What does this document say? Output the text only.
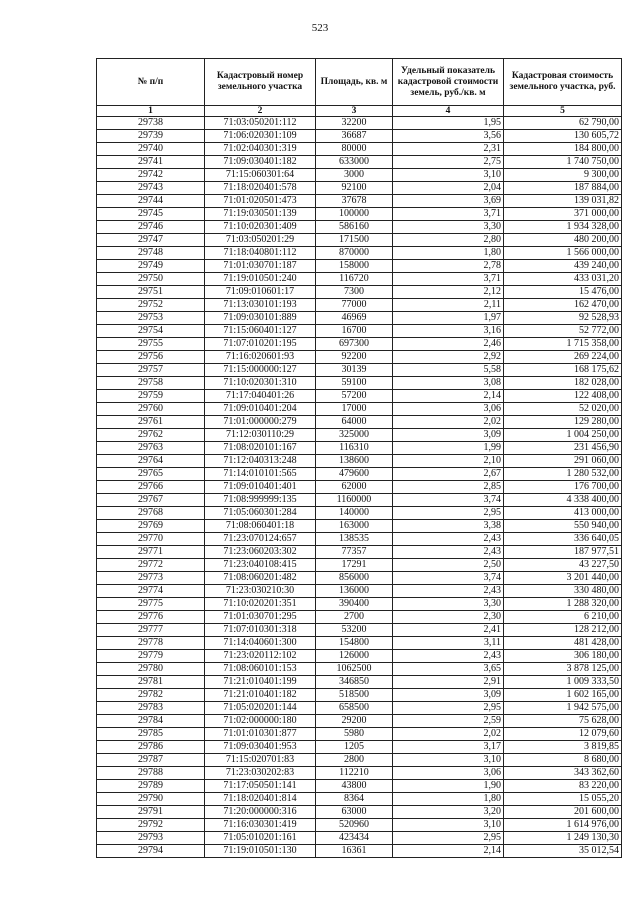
523
№ п/п	Кадастровый номер земельного участка	Площадь, кв. м	Удельный показатель кадастровой стоимости земель, руб./кв. м	Кадастровая стоимость земельного участка, руб.
1	2	3	4	5
29738	71:03:050201:112	32200	1,95	62 790,00
29739	71:06:020301:109	36687	3,56	130 605,72
29740	71:02:040301:319	80000	2,31	184 800,00
29741	71:09:030401:182	633000	2,75	1 740 750,00
29742	71:15:060301:64	3000	3,10	9 300,00
29743	71:18:020401:578	92100	2,04	187 884,00
29744	71:01:020501:473	37678	3,69	139 031,82
29745	71:19:030501:139	100000	3,71	371 000,00
29746	71:10:020301:409	586160	3,30	1 934 328,00
29747	71:03:050201:29	171500	2,80	480 200,00
29748	71:18:040801:112	870000	1,80	1 566 000,00
29749	71:01:030701:187	158000	2,78	439 240,00
29750	71:19:010501:240	116720	3,71	433 031,20
29751	71:09:010601:17	7300	2,12	15 476,00
29752	71:13:030101:193	77000	2,11	162 470,00
29753	71:09:030101:889	46969	1,97	92 528,93
29754	71:15:060401:127	16700	3,16	52 772,00
29755	71:07:010201:195	697300	2,46	1 715 358,00
29756	71:16:020601:93	92200	2,92	269 224,00
29757	71:15:000000:127	30139	5,58	168 175,62
29758	71:10:020301:310	59100	3,08	182 028,00
29759	71:17:040401:26	57200	2,14	122 408,00
29760	71:09:010401:204	17000	3,06	52 020,00
29761	71:01:000000:279	64000	2,02	129 280,00
29762	71:12:030110:29	325000	3,09	1 004 250,00
29763	71:08:020101:167	116310	1,99	231 456,90
29764	71:12:040313:248	138600	2,10	291 060,00
29765	71:14:010101:565	479600	2,67	1 280 532,00
29766	71:09:010401:401	62000	2,85	176 700,00
29767	71:08:999999:135	1160000	3,74	4 338 400,00
29768	71:05:060301:284	140000	2,95	413 000,00
29769	71:08:060401:18	163000	3,38	550 940,00
29770	71:23:070124:657	138535	2,43	336 640,05
29771	71:23:060203:302	77357	2,43	187 977,51
29772	71:23:040108:415	17291	2,50	43 227,50
29773	71:08:060201:482	856000	3,74	3 201 440,00
29774	71:23:030210:30	136000	2,43	330 480,00
29775	71:10:020201:351	390400	3,30	1 288 320,00
29776	71:01:030701:295	2700	2,30	6 210,00
29777	71:07:010301:318	53200	2,41	128 212,00
29778	71:14:040601:300	154800	3,11	481 428,00
29779	71:23:020112:102	126000	2,43	306 180,00
29780	71:08:060101:153	1062500	3,65	3 878 125,00
29781	71:21:010401:199	346850	2,91	1 009 333,50
29782	71:21:010401:182	518500	3,09	1 602 165,00
29783	71:05:020201:144	658500	2,95	1 942 575,00
29784	71:02:000000:180	29200	2,59	75 628,00
29785	71:01:010301:877	5980	2,02	12 079,60
29786	71:09:030401:953	1205	3,17	3 819,85
29787	71:15:020701:83	2800	3,10	8 680,00
29788	71:23:030202:83	112210	3,06	343 362,60
29789	71:17:050501:141	43800	1,90	83 220,00
29790	71:18:020401:814	8364	1,80	15 055,20
29791	71:20:000000:316	63000	3,20	201 600,00
29792	71:16:030301:419	520960	3,10	1 614 976,00
29793	71:05:010201:161	423434	2,95	1 249 130,30
29794	71:19:010501:130	16361	2,14	35 012,54
